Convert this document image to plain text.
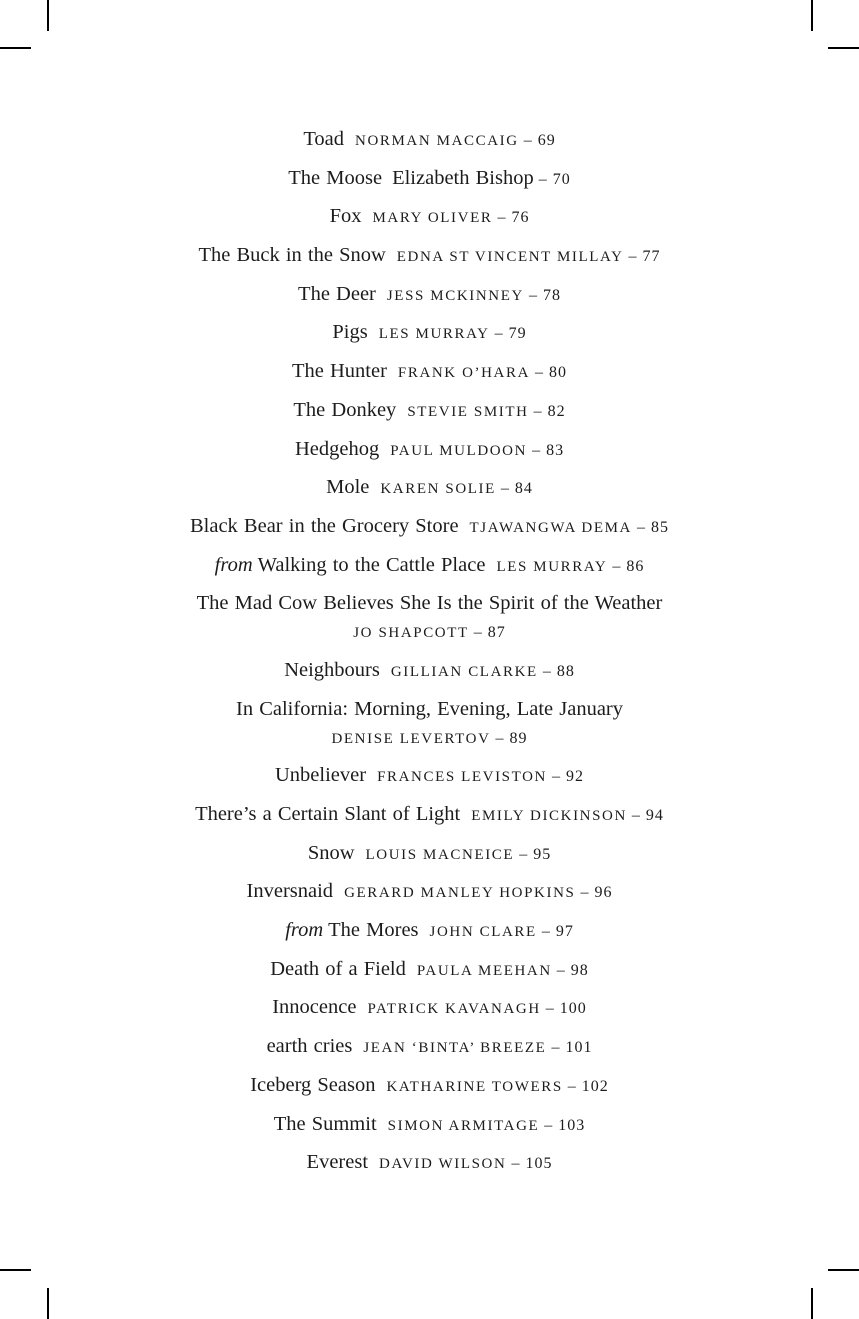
Toad NORMAN MACCAIG – 69
The Moose Elizabeth Bishop – 70
Fox MARY OLIVER – 76
The Buck in the Snow EDNA ST VINCENT MILLAY – 77
The Deer JESS MCKINNEY – 78
Pigs LES MURRAY – 79
The Hunter FRANK O’HARA – 80
The Donkey STEVIE SMITH – 82
Hedgehog PAUL MULDOON – 83
Mole KAREN SOLIE – 84
Black Bear in the Grocery Store TJAWANGWA DEMA – 85
from Walking to the Cattle Place LES MURRAY – 86
The Mad Cow Believes She Is the Spirit of the Weather
JO SHAPCOTT – 87
Neighbours GILLIAN CLARKE – 88
In California: Morning, Evening, Late January
DENISE LEVERTOV – 89
Unbeliever FRANCES LEVISTON – 92
There’s a Certain Slant of Light EMILY DICKINSON – 94
Snow LOUIS MACNEICE – 95
Inversnaid GERARD MANLEY HOPKINS – 96
from The Mores JOHN CLARE – 97
Death of a Field PAULA MEEHAN – 98
Innocence PATRICK KAVANAGH – 100
earth cries JEAN ‘BINTA’ BREEZE – 101
Iceberg Season KATHARINE TOWERS – 102
The Summit SIMON ARMITAGE – 103
Everest DAVID WILSON – 105
